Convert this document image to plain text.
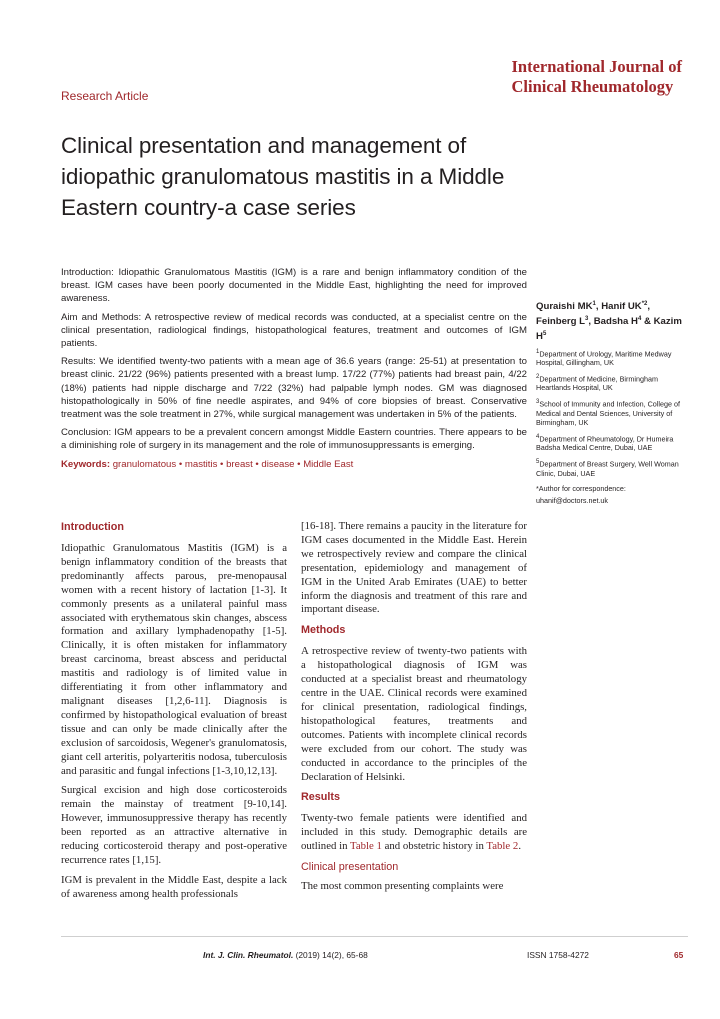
International Journal of
Clinical Rheumatology
Research Article
Clinical presentation and management of idiopathic granulomatous mastitis in a Middle Eastern country-a case series

Introduction: Idiopathic Granulomatous Mastitis (IGM) is a rare and benign inflammatory condition of the breast. IGM cases have been poorly documented in the Middle East, highlighting the need for improved awareness.

Aim and Methods: A retrospective review of medical records was conducted, at a specialist centre on the clinical presentation, radiological findings, histopathological features, treatment and outcomes of IGM patients.

Results: We identified twenty-two patients with a mean age of 36.6 years (range: 25-51) at presentation to breast clinic. 21/22 (96%) patients presented with a breast lump. 17/22 (77%) patients had breast pain, 4/22 (18%) patients had nipple discharge and 7/22 (32%) had palpable lymph nodes. GM was diagnosed histopathologically in 50% of fine needle aspirates, and 94% of core biopsies of breast. Conservative treatment was the sole treatment in 27%, while surgical management was undertaken in 5% of the patients.

Conclusion: IGM appears to be a prevalent concern amongst Middle Eastern countries. There appears to be a diminishing role of surgery in its management and the role of immunosuppressants is emerging.

Keywords: granulomatous • mastitis • breast • disease • Middle East

Quraishi $MK^1$, Hanif UK$^{*2}$,
Feinberg $L^3$, Badsha $H^4$ & Kazim
$H^5$
$^1$Department of Urology, Maritime Medway Hospital, Gillingham, UK
$^2$Department of Medicine, Birmingham Heartlands Hospital, UK
$^3$School of Immunity and Infection, College of Medical and Dental Sciences, University of Birmingham, UK
$^4$Department of Rheumatology, Dr Humeira Badsha Medical Centre, Dubai, UAE
$^5$Department of Breast Surgery, Well Woman Clinic, Dubai, UAE
*Author for correspondence:
uhanif@doctors.net.uk
Introduction

Idiopathic Granulomatous Mastitis (IGM) is a benign inflammatory condition of the breasts that predominantly affects parous, pre-menopausal women with a recent history of lactation [1-3]. It commonly presents as a unilateral painful mass associated with erythematous skin changes, abscess formation and axillary lymphadenopathy [1-5]. Clinically, it is often mistaken for inflammatory breast carcinoma, breast abscess and periductal mastitis and radiology is of limited value in differentiating it from other inflammatory and malignant diseases [1,2,6-11]. Diagnosis is confirmed by histopathological evaluation of breast tissue and can only be made clinically after the exclusion of sarcoidosis, Wegener's granulomatosis, giant cell arteritis, polyarteritis nodosa, tuberculosis and parasitic and fungal infections [1-3,10,12,13].

Surgical excision and high dose corticosteroids remain the mainstay of treatment [9-10,14]. However, immunosuppressive therapy has recently been reported as an attractive alternative in reducing corticosteroid therapy and post-operative recurrence rates [1,15].

IGM is prevalent in the Middle East, despite a lack of awareness among health professionals

[16-18]. There remains a paucity in the literature for IGM cases documented in the Middle East. Herein we retrospectively review and compare the clinical presentation, epidemiology and management of IGM in the United Arab Emirates (UAE) to better inform the diagnosis and treatment of this rare and important disease.

Methods

A retrospective review of twenty-two patients with a histopathological diagnosis of IGM was conducted at a specialist breast and rheumatology centre in the UAE. Clinical records were examined for clinical presentation, radiological findings, histopathological features, treatments and outcomes. Patients with incomplete clinical records were excluded from our cohort. The study was conducted in accordance to the principles of the Declaration of Helsinki.

Results

Twenty-two female patients were identified and included in this study. Demographic details are outlined in Table 1 and obstetric history in Table 2.

Clinical presentation

The most common presenting complaints were

Int. J. Clin. Rheumatol. (2019) 14(2), 65-68	ISSN 1758-4272	65
